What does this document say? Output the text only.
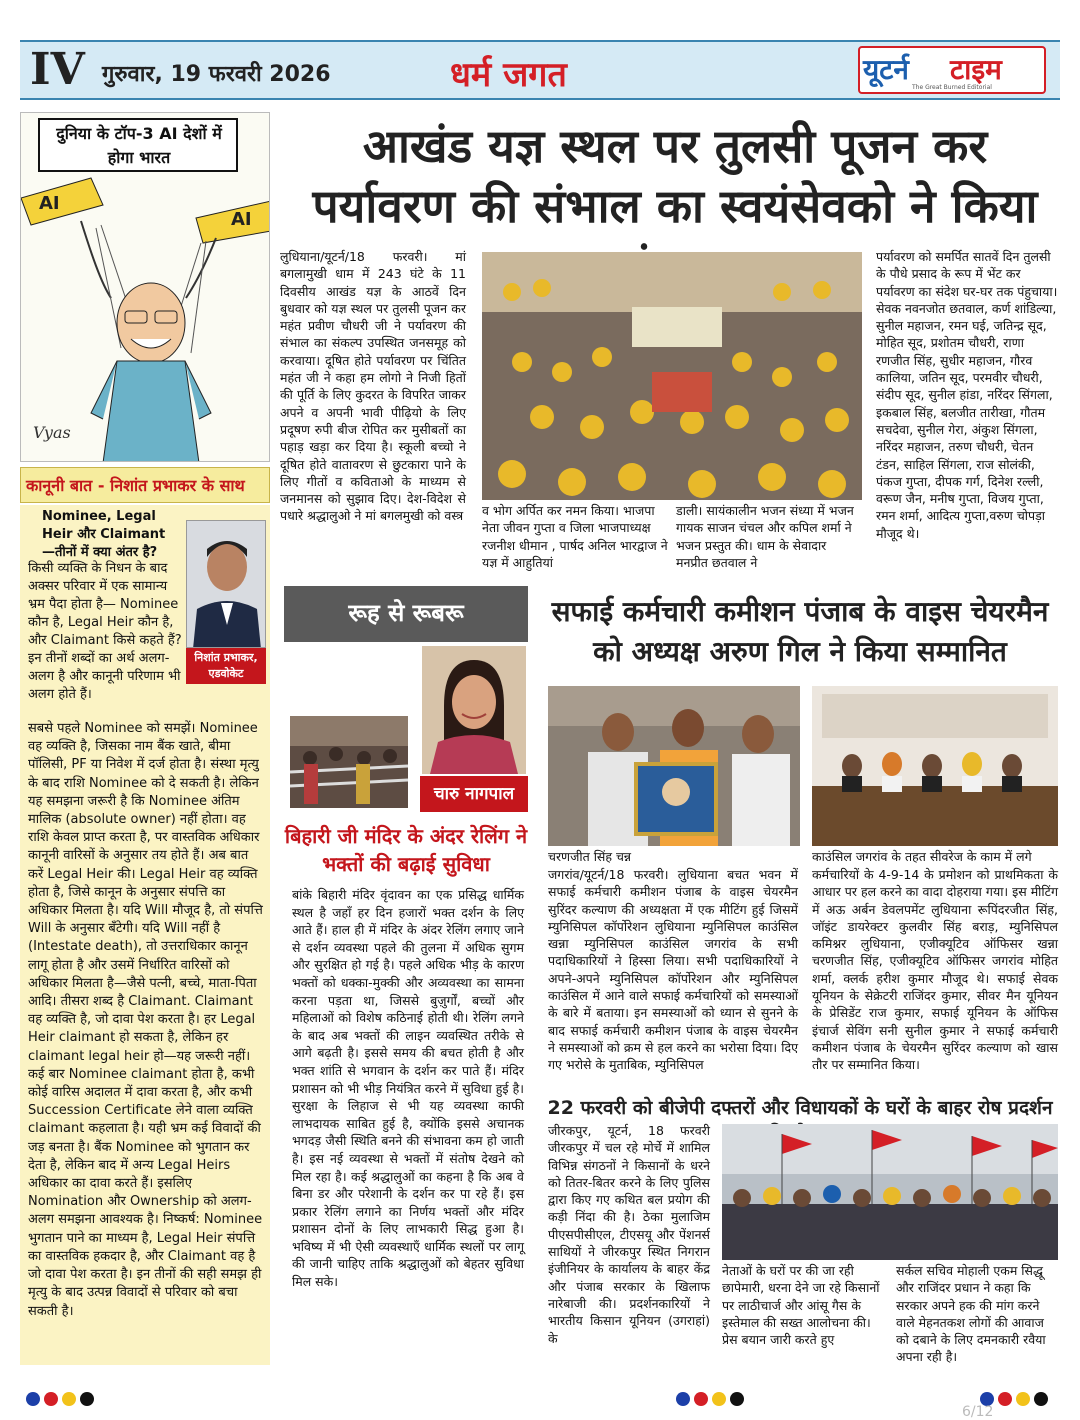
IV गुरुवार, 19 फरवरी 2026	धर्म जगत	यूटर्न टाइम
The Great Burned Editorial
AI
AI
Vyas
दुनिया के टॉप-3 AI देशों में होगा भारत
कानूनी बात - निशांत प्रभाकर के साथ
Nominee, Legal Heir और Claimant —तीनों में क्या अंतर है?
निशांत प्रभाकर, एडवोकेट
किसी व्यक्ति के निधन के बाद अक्सर परिवार में एक सामान्य भ्रम पैदा होता है— Nominee कौन है, Legal Heir कौन है, और Claimant किसे कहते हैं? इन तीनों शब्दों का अर्थ अलग-अलग है और कानूनी परिणाम भी अलग होते हैं।
सबसे पहले Nominee को समझें। Nominee वह व्यक्ति है, जिसका नाम बैंक खाते, बीमा पॉलिसी, PF या निवेश में दर्ज होता है। संस्था मृत्यु के बाद राशि Nominee को दे सकती है। लेकिन यह समझना जरूरी है कि Nominee अंतिम मालिक (absolute owner) नहीं होता। वह राशि केवल प्राप्त करता है, पर वास्तविक अधिकार कानूनी वारिसों के अनुसार तय होते हैं। अब बात करें Legal Heir की। Legal Heir वह व्यक्ति होता है, जिसे कानून के अनुसार संपत्ति का अधिकार मिलता है। यदि Will मौजूद है, तो संपत्ति Will के अनुसार बँटेगी। यदि Will नहीं है (Intestate death), तो उत्तराधिकार कानून लागू होता है और उसमें निर्धारित वारिसों को अधिकार मिलता है—जैसे पत्नी, बच्चे, माता-पिता आदि। तीसरा शब्द है Claimant. Claimant वह व्यक्ति है, जो दावा पेश करता है। हर Legal Heir claimant हो सकता है, लेकिन हर claimant legal heir हो—यह जरूरी नहीं। कई बार Nominee claimant होता है, कभी कोई वारिस अदालत में दावा करता है, और कभी Succession Certificate लेने वाला व्यक्ति claimant कहलाता है। यही भ्रम कई विवादों की जड़ बनता है। बैंक Nominee को भुगतान कर देता है, लेकिन बाद में अन्य Legal Heirs अधिकार का दावा करते हैं। इसलिए Nomination और Ownership को अलग-अलग समझना आवश्यक है। निष्कर्ष: Nominee भुगतान पाने का माध्यम है, Legal Heir संपत्ति का वास्तविक हकदार है, और Claimant वह है जो दावा पेश करता है। इन तीनों की सही समझ ही मृत्यु के बाद उत्पन्न विवादों से परिवार को बचा सकती है।
आखंड यज्ञ स्थल पर तुलसी पूजन कर पर्यावरण की संभाल का स्वयंसेवको ने किया
लुधियाना/यूटर्न/18 फरवरी। मां बगलामुखी धाम में 243 घंटे के 11 दिवसीय आखंड यज्ञ के आठवें दिन बुधवार को यज्ञ स्थल पर तुलसी पूजन कर महंत प्रवीण चौधरी जी ने पर्यावरण की संभाल का संकल्प उपस्थित जनसमूह को करवाया। दूषित होते पर्यावरण पर चिंतित महंत जी ने कहा हम लोगो ने निजी हितों की पूर्ति के लिए कुदरत के विपरित जाकर अपने व अपनी भावी पीढ़ियो के लिए प्रदूषण रुपी बीज रोपित कर मुसीबतों का पहाड़ खड़ा कर दिया है। स्कूली बच्चो ने दूषित होते वातावरण से छुटकारा पाने के लिए गीतों व कविताओ के माध्यम से जनमानस को सुझाव दिए। देश-विदेश से पधारे श्रद्धालुओ ने मां बगलमुखी को वस्त्र व भोग अर्पित कर नमन किया। भाजपा नेता जीवन गुप्ता व जिला भाजपाध्यक्ष रजनीश धीमान , पार्षद अनिल भारद्वाज ने यज्ञ में आहुतियां
डाली। सायंकालीन भजन संध्या में भजन गायक साजन चंचल और कपिल शर्मा ने भजन प्रस्तुत की। धाम के सेवादार मनप्रीत छतवाल ने
पर्यावरण को समर्पित सातवें दिन तुलसी के पौधे प्रसाद के रूप में भेंट कर पर्यावरण का संदेश घर-घर तक पंहुचाया। सेवक नवनजोत छतवाल, कर्ण शांडिल्या, सुनील महाजन, रमन घई, जतिन्द्र सूद, मोहित सूद, प्रशोतम चौधरी, राणा रणजीत सिंह, सुधीर महाजन, गौरव कालिया, जतिन सूद, परमवीर चौधरी, संदीप सूद, सुनील हांडा, नरिंदर सिंगला, इकबाल सिंह, बलजीत तारीखा, गौतम सचदेवा, सुनील गेरा, अंकुश सिंगला, नरिंदर महाजन, तरुण चौधरी, चेतन टंडन, साहिल सिंगला, राज सोलंकी, पंकज गुप्ता, दीपक गर्ग, दिनेश रल्ली, वरूण जैन, मनीष गुप्ता, विजय गुप्ता, रमन शर्मा, आदित्य गुप्ता,वरुण चोपड़ा मौजूद थे।
रूह से रूबरू
चारु नागपाल
बिहारी जी मंदिर के अंदर रेलिंग ने भक्तों की बढ़ाई सुविधा
बांके बिहारी मंदिर वृंदावन का एक प्रसिद्ध धार्मिक स्थल है जहाँ हर दिन हजारों भक्त दर्शन के लिए आते हैं। हाल ही में मंदिर के अंदर रेलिंग लगाए जाने से दर्शन व्यवस्था पहले की तुलना में अधिक सुगम और सुरक्षित हो गई है। पहले अधिक भीड़ के कारण भक्तों को धक्का-मुक्की और अव्यवस्था का सामना करना पड़ता था, जिससे बुज़ुर्गों, बच्चों और महिलाओं को विशेष कठिनाई होती थी। रेलिंग लगने के बाद अब भक्तों की लाइन व्यवस्थित तरीके से आगे बढ़ती है। इससे समय की बचत होती है और भक्त शांति से भगवान के दर्शन कर पाते हैं। मंदिर प्रशासन को भी भीड़ नियंत्रित करने में सुविधा हुई है। सुरक्षा के लिहाज से भी यह व्यवस्था काफी लाभदायक साबित हुई है, क्योंकि इससे अचानक भगदड़ जैसी स्थिति बनने की संभावना कम हो जाती है। इस नई व्यवस्था से भक्तों में संतोष देखने को मिल रहा है। कई श्रद्धालुओं का कहना है कि अब वे बिना डर और परेशानी के दर्शन कर पा रहे हैं। इस प्रकार रेलिंग लगाने का निर्णय भक्तों और मंदिर प्रशासन दोनों के लिए लाभकारी सिद्ध हुआ है। भविष्य में भी ऐसी व्यवस्थाएँ धार्मिक स्थलों पर लागू की जानी चाहिए ताकि श्रद्धालुओं को बेहतर सुविधा मिल सके।
सफाई कर्मचारी कमीशन पंजाब के वाइस चेयरमैन को अध्यक्ष अरुण गिल ने किया सम्मानित
चरणजीत सिंह चन्न	काउंसिल जगरांव के तहत सीवरेज के काम में लगे
जगरांव/यूटर्न/18 फरवरी। लुधियाना बचत भवन में सफाई कर्मचारी कमीशन पंजाब के वाइस चेयरमैन सुरिंदर कल्याण की अध्यक्षता में एक मीटिंग हुई जिसमें म्युनिसिपल कॉर्पोरेशन लुधियाना म्युनिसिपल काउंसिल खन्ना म्युनिसिपल काउंसिल जगरांव के सभी पदाधिकारियों ने हिस्सा लिया। सभी पदाधिकारियों ने अपने-अपने म्युनिसिपल कॉर्पोरेशन और म्युनिसिपल काउंसिल में आने वाले सफाई कर्मचारियों को समस्याओं के बारे में बताया। इन समस्याओं को ध्यान से सुनने के बाद सफाई कर्मचारी कमीशन पंजाब के वाइस चेयरमैन ने समस्याओं को क्रम से हल करने का भरोसा दिया। दिए गए भरोसे के मुताबिक, म्युनिसिपल
कर्मचारियों के 4-9-14 के प्रमोशन को प्राथमिकता के आधार पर हल करने का वादा दोहराया गया। इस मीटिंग में अऊ अर्बन डेवलपमेंट लुधियाना रूपिंदरजीत सिंह, जॉइंट डायरेक्टर कुलवीर सिंह बराड़, म्युनिसिपल कमिश्नर लुधियाना, एजीक्यूटिव ऑफिसर खन्ना चरणजीत सिंह, एजीक्यूटिव ऑफिसर जगरांव मोहित शर्मा, क्लर्क हरीश कुमार मौजूद थे। सफाई सेवक यूनियन के सेक्रेटरी राजिंदर कुमार, सीवर मैन यूनियन के प्रेसिडेंट राज कुमार, सफाई यूनियन के ऑफिस इंचार्ज सेविंग सनी सुनील कुमार ने सफाई कर्मचारी कमीशन पंजाब के चेयरमैन सुरिंदर कल्याण को खास तौर पर सम्मानित किया।
22 फरवरी को बीजेपी दफ्तरों और विधायकों के घरों के बाहर रोष प्रदर्शन
जीरकपुर, यूटर्न, 18 फरवरी जीरकपुर में चल रहे मोर्चे में शामिल विभिन्न संगठनों ने किसानों के धरने को तितर-बितर करने के लिए पुलिस द्वारा किए गए कथित बल प्रयोग की कड़ी निंदा की है। ठेका मुलाजिम पीएसपीसीएल, टीएसयू और पेंशनर्स साथियों ने जीरकपुर स्थित निगरान इंजीनियर के कार्यालय के बाहर केंद्र और पंजाब सरकार के खिलाफ नारेबाजी की। प्रदर्शनकारियों ने भारतीय किसान यूनियन (उगराहां) के
नेताओं के घरों पर की जा रही छापेमारी, धरना देने जा रहे किसानों पर लाठीचार्ज और आंसू गैस के इस्तेमाल की सख्त आलोचना की। प्रेस बयान जारी करते हुए
सर्कल सचिव मोहाली एकम सिद्धू और राजिंदर प्रधान ने कहा कि सरकार अपने हक की मांग करने वाले मेहनतकश लोगों की आवाज को दबाने के लिए दमनकारी रवैया अपना रही है।
6/12
